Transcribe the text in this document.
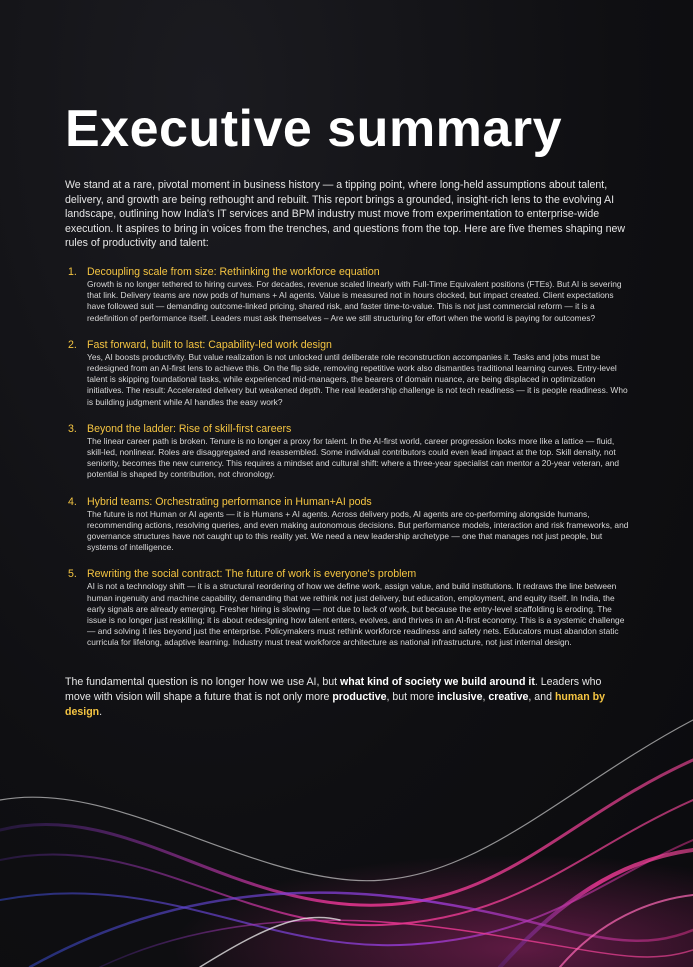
Executive summary

We stand at a rare, pivotal moment in business history — a tipping point, where long-held assumptions about talent, delivery, and growth are being rethought and rebuilt. This report brings a grounded, insight-rich lens to the evolving AI landscape, outlining how India's IT services and BPM industry must move from experimentation to enterprise-wide execution. It aspires to bring in voices from the trenches, and questions from the top. Here are five themes shaping new rules of productivity and talent:

1. Decoupling scale from size: Rethinking the workforce equation
Growth is no longer tethered to hiring curves. For decades, revenue scaled linearly with Full-Time Equivalent positions (FTEs). But AI is severing that link. Delivery teams are now pods of humans + AI agents. Value is measured not in hours clocked, but impact created. Client expectations have followed suit — demanding outcome-linked pricing, shared risk, and faster time-to-value. This is not just commercial reform — it is a redefinition of performance itself. Leaders must ask themselves – Are we still structuring for effort when the world is paying for outcomes?
2. Fast forward, built to last: Capability-led work design
Yes, AI boosts productivity. But value realization is not unlocked until deliberate role reconstruction accompanies it. Tasks and jobs must be redesigned from an AI-first lens to achieve this. On the flip side, removing repetitive work also dismantles traditional learning curves. Entry-level talent is skipping foundational tasks, while experienced mid-managers, the bearers of domain nuance, are being displaced in optimization initiatives. The result: Accelerated delivery but weakened depth. The real leadership challenge is not tech readiness — it is people readiness. Who is building judgment while AI handles the easy work?
3. Beyond the ladder: Rise of skill-first careers
The linear career path is broken. Tenure is no longer a proxy for talent. In the AI-first world, career progression looks more like a lattice — fluid, skill-led, nonlinear. Roles are disaggregated and reassembled. Some individual contributors could even lead impact at the top. Skill density, not seniority, becomes the new currency. This requires a mindset and cultural shift: where a three-year specialist can mentor a 20-year veteran, and potential is shaped by contribution, not chronology.
4. Hybrid teams: Orchestrating performance in Human+AI pods
The future is not Human or AI agents — it is Humans + AI agents. Across delivery pods, AI agents are co-performing alongside humans, recommending actions, resolving queries, and even making autonomous decisions. But performance models, interaction and risk frameworks, and governance structures have not caught up to this reality yet. We need a new leadership archetype — one that manages not just people, but systems of intelligence.
5. Rewriting the social contract: The future of work is everyone's problem
AI is not a technology shift — it is a structural reordering of how we define work, assign value, and build institutions. It redraws the line between human ingenuity and machine capability, demanding that we rethink not just delivery, but education, employment, and equity itself. In India, the early signals are already emerging. Fresher hiring is slowing — not due to lack of work, but because the entry-level scaffolding is eroding. The issue is no longer just reskilling; it is about redesigning how talent enters, evolves, and thrives in an AI-first economy. This is a systemic challenge — and solving it lies beyond just the enterprise. Policymakers must rethink workforce readiness and safety nets. Educators must abandon static curricula for lifelong, adaptive learning. Industry must treat workforce architecture as national infrastructure, not just internal design.

The fundamental question is no longer how we use AI, but what kind of society we build around it. Leaders who move with vision will shape a future that is not only more productive, but more inclusive, creative, and human by design.
